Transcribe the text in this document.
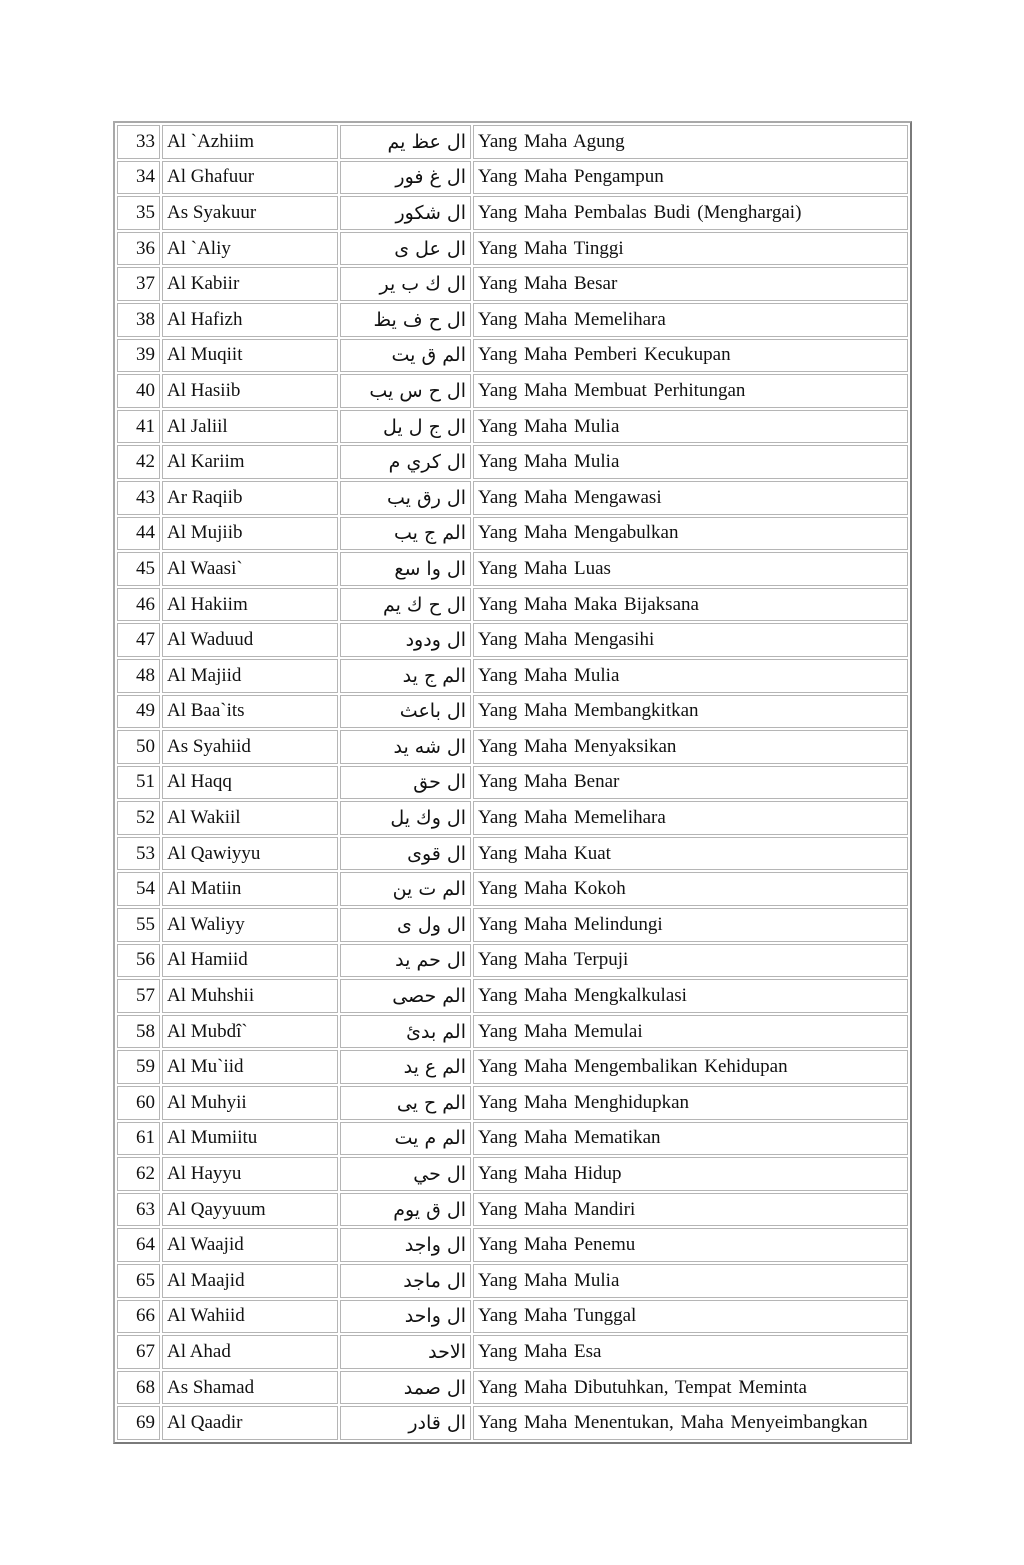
33	Al `Azhiim	ال عظ يم	Yang Maha Agung
34	Al Ghafuur	ال غ فور	Yang Maha Pengampun
35	As Syakuur	ال شكور	Yang Maha Pembalas Budi (Menghargai)
36	Al `Aliy	ال عل ى	Yang Maha Tinggi
37	Al Kabiir	ال ك ب ير	Yang Maha Besar
38	Al Hafizh	ال ح ف يظ	Yang Maha Memelihara
39	Al Muqiit	الم ق يت	Yang Maha Pemberi Kecukupan
40	Al Hasiib	ال ح س يب	Yang Maha Membuat Perhitungan
41	Al Jaliil	ال ج ل يل	Yang Maha Mulia
42	Al Kariim	ال كري م	Yang Maha Mulia
43	Ar Raqiib	ال رق يب	Yang Maha Mengawasi
44	Al Mujiib	الم ج يب	Yang Maha Mengabulkan
45	Al Waasi`	ال وا سع	Yang Maha Luas
46	Al Hakiim	ال ح ك يم	Yang Maha Maka Bijaksana
47	Al Waduud	ال ودود	Yang Maha Mengasihi
48	Al Majiid	الم ج يد	Yang Maha Mulia
49	Al Baa`its	ال باعث	Yang Maha Membangkitkan
50	As Syahiid	ال شه يد	Yang Maha Menyaksikan
51	Al Haqq	ال حق	Yang Maha Benar
52	Al Wakiil	ال وك يل	Yang Maha Memelihara
53	Al Qawiyyu	ال قوى	Yang Maha Kuat
54	Al Matiin	الم ت ين	Yang Maha Kokoh
55	Al Waliyy	ال ول ى	Yang Maha Melindungi
56	Al Hamiid	ال حم يد	Yang Maha Terpuji
57	Al Muhshii	الم حصى	Yang Maha Mengkalkulasi
58	Al Mubdî`	الم بدئ	Yang Maha Memulai
59	Al Mu`iid	الم ع يد	Yang Maha Mengembalikan Kehidupan
60	Al Muhyii	الم ح يى	Yang Maha Menghidupkan
61	Al Mumiitu	الم م يت	Yang Maha Mematikan
62	Al Hayyu	ال حي	Yang Maha Hidup
63	Al Qayyuum	ال ق يوم	Yang Maha Mandiri
64	Al Waajid	ال واجد	Yang Maha Penemu
65	Al Maajid	ال ماجد	Yang Maha Mulia
66	Al Wahiid	ال واحد	Yang Maha Tunggal
67	Al Ahad	الاحد	Yang Maha Esa
68	As Shamad	ال صمد	Yang Maha Dibutuhkan, Tempat Meminta
69	Al Qaadir	ال قادر	Yang Maha Menentukan, Maha Menyeimbangkan
